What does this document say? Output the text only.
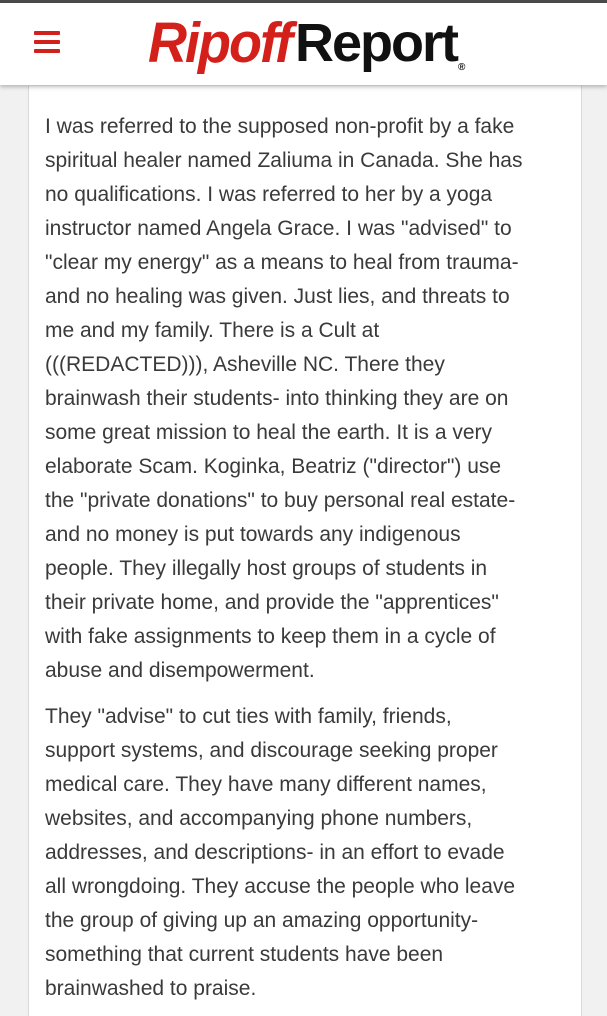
RipoffReport®

I was referred to the supposed non-profit by a fake
spiritual healer named Zaliuma in Canada. She has
no qualifications. I was referred to her by a yoga
instructor named Angela Grace. I was "advised" to
"clear my energy" as a means to heal from trauma-
and no healing was given. Just lies, and threats to
me and my family. There is a Cult at
(((REDACTED))), Asheville NC. There they
brainwash their students- into thinking they are on
some great mission to heal the earth. It is a very
elaborate Scam. Koginka, Beatriz ("director") use
the "private donations" to buy personal real estate-
and no money is put towards any indigenous
people. They illegally host groups of students in
their private home, and provide the "apprentices"
with fake assignments to keep them in a cycle of
abuse and disempowerment.

They "advise" to cut ties with family, friends,
support systems, and discourage seeking proper
medical care. They have many different names,
websites, and accompanying phone numbers,
addresses, and descriptions- in an effort to evade
all wrongdoing. They accuse the people who leave
the group of giving up an amazing opportunity-
something that current students have been
brainwashed to praise.
